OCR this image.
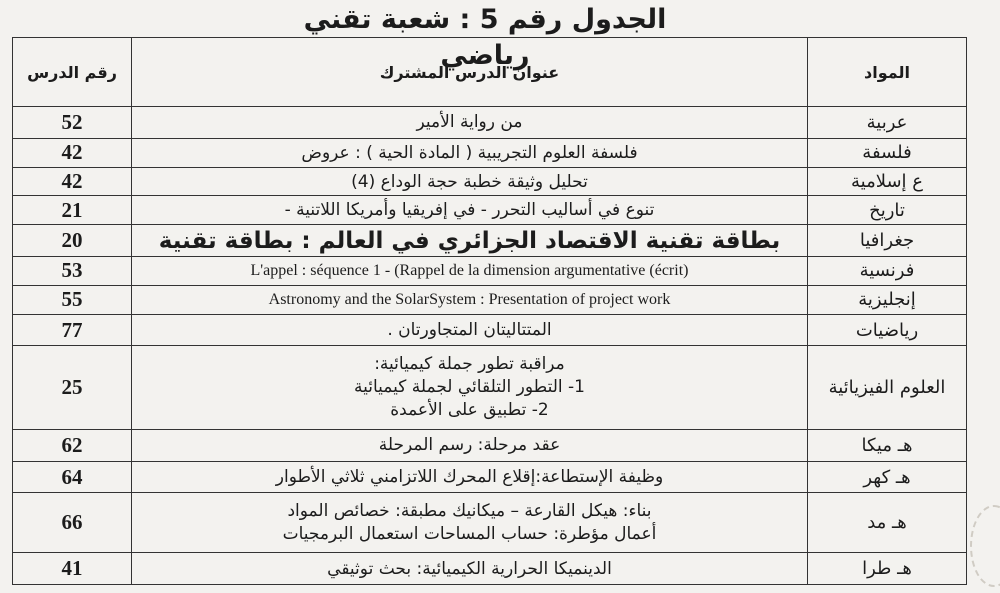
الجدول رقم 5 : شعبة تقني رياضي
المواد	عنوان الدرس المشترك	رقم الدرس
عربية	من رواية الأمير	52
فلسفة	فلسفة العلوم التجريبية ( المادة الحية ) : عروض	42
ع إسلامية	تحليل وثيقة خطبة حجة الوداع (4)	42
تاريخ	تنوع في أساليب التحرر - في إفريقيا وأمريكا اللاتنية -	21
جغرافيا	بطاقة تقنية الاقتصاد الجزائري في العالم : بطاقة تقنية	20
فرنسية	L'appel : séquence 1 - (Rappel de la dimension argumentative (écrit)	53
إنجليزية	Astronomy and the SolarSystem : Presentation of project work	55
رياضيات	المتتاليتان المتجاورتان .	77
العلوم الفيزيائية	مراقبة تطور جملة كيميائية:
1- التطور التلقائي لجملة كيميائية
2- تطبيق على الأعمدة	25
هـ ميكا	عقد مرحلة: رسم المرحلة	62
هـ كهر	وظيفة الإستطاعة:إقلاع المحرك اللاتزامني ثلاثي الأطوار	64
هـ مد	بناء: هيكل القارعة – ميكانيك مطبقة: خصائص المواد
أعمال مؤطرة: حساب المساحات استعمال البرمجيات	66
هـ طرا	الدينميكا الحرارية الكيميائية: بحث توثيقي	41
